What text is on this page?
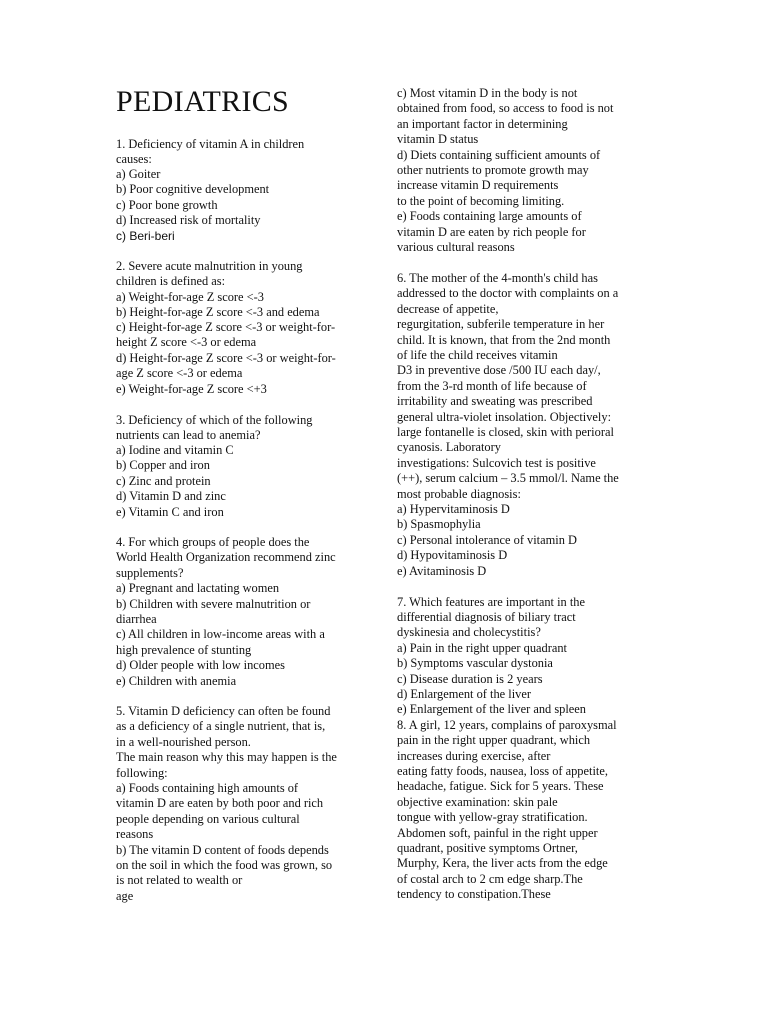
PEDIATRICS
1. Deficiency of vitamin A in children
causes:
a) Goiter
b) Poor cognitive development
c) Poor bone growth
d) Increased risk of mortality
c) Beri-beri
2. Severe acute malnutrition in young
children is defined as:
a) Weight-for-age Z score <-3
b) Height-for-age Z score <-3 and edema
c) Height-for-age Z score <-3 or weight-for-
height Z score <-3 or edema
d) Height-for-age Z score <-3 or weight-for-
age Z score <-3 or edema
e) Weight-for-age Z score <+3
3. Deficiency of which of the following
nutrients can lead to anemia?
a) Iodine and vitamin C
b) Copper and iron
c) Zinc and protein
d) Vitamin D and zinc
e) Vitamin C and iron
4. For which groups of people does the
World Health Organization recommend zinc
supplements?
a) Pregnant and lactating women
b) Children with severe malnutrition or
diarrhea
c) All children in low-income areas with a
high prevalence of stunting
d) Older people with low incomes
e) Children with anemia
5. Vitamin D deficiency can often be found
as a deficiency of a single nutrient, that is,
in a well-nourished person.
The main reason why this may happen is the
following:
a) Foods containing high amounts of
vitamin D are eaten by both poor and rich
people depending on various cultural
reasons
b) The vitamin D content of foods depends
on the soil in which the food was grown, so
is not related to wealth or
age
c) Most vitamin D in the body is not
obtained from food, so access to food is not
an important factor in determining
vitamin D status
d) Diets containing sufficient amounts of
other nutrients to promote growth may
increase vitamin D requirements
to the point of becoming limiting.
e) Foods containing large amounts of
vitamin D are eaten by rich people for
various cultural reasons
6. The mother of the 4-month's child has
addressed to the doctor with complaints on a
decrease of appetite,
regurgitation, subferile temperature in her
child. It is known, that from the 2nd month
of life the child receives vitamin
D3 in preventive dose /500 IU each day/,
from the 3-rd month of life because of
irritability and sweating was prescribed
general ultra-violet insolation. Objectively:
large fontanelle is closed, skin with perioral
cyanosis. Laboratory
investigations: Sulcovich test is positive
(++), serum calcium – 3.5 mmol/l. Name the
most probable diagnosis:
a) Hypervitaminosis D
b) Spasmophylia
c) Personal intolerance of vitamin D
d) Hypovitaminosis D
e) Avitaminosis D
7. Which features are important in the
differential diagnosis of biliary tract
dyskinesia and cholecystitis?
a) Pain in the right upper quadrant
b) Symptoms vascular dystonia
c) Disease duration is 2 years
d) Enlargement of the liver
e) Enlargement of the liver and spleen
8. A girl, 12 years, complains of paroxysmal
pain in the right upper quadrant, which
increases during exercise, after
eating fatty foods, nausea, loss of appetite,
headache, fatigue. Sick for 5 years. These
objective examination: skin pale
tongue with yellow-gray stratification.
Abdomen soft, painful in the right upper
quadrant, positive symptoms Ortner,
Murphy, Kera, the liver acts from the edge
of costal arch to 2 cm edge sharp.The
tendency to constipation.These
